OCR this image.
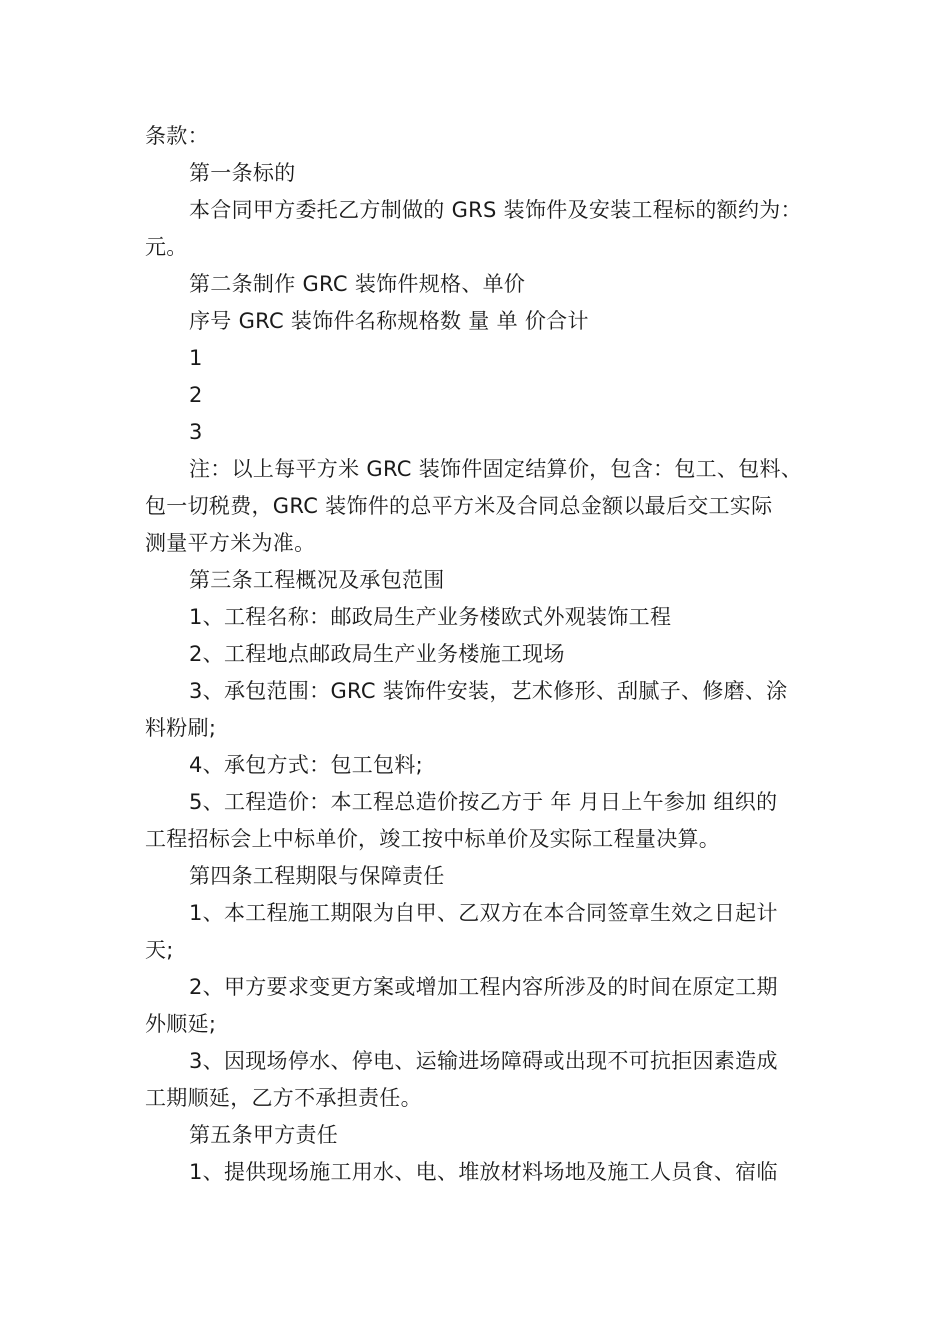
条款：
第一条标的
本合同甲方委托乙方制做的 GRS 装饰件及安装工程标的额约为：
元。
第二条制作 GRC 装饰件规格、单价
序号 GRC 装饰件名称规格数 量 单 价合计
1
2
3
注：以上每平方米 GRC 装饰件固定结算价，包含：包工、包料、
包一切税费，GRC 装饰件的总平方米及合同总金额以最后交工实际
测量平方米为准。
第三条工程概况及承包范围
1、工程名称：邮政局生产业务楼欧式外观装饰工程
2、工程地点邮政局生产业务楼施工现场
3、承包范围：GRC 装饰件安装，艺术修形、刮腻子、修磨、涂
料粉刷;
4、承包方式：包工包料;
5、工程造价：本工程总造价按乙方于 年 月日上午参加 组织的
工程招标会上中标单价，竣工按中标单价及实际工程量决算。
第四条工程期限与保障责任
1、本工程施工期限为自甲、乙双方在本合同签章生效之日起计
天;
2、甲方要求变更方案或增加工程内容所涉及的时间在原定工期
外顺延;
3、因现场停水、停电、运输进场障碍或出现不可抗拒因素造成
工期顺延，乙方不承担责任。
第五条甲方责任
1、提供现场施工用水、电、堆放材料场地及施工人员食、宿临
